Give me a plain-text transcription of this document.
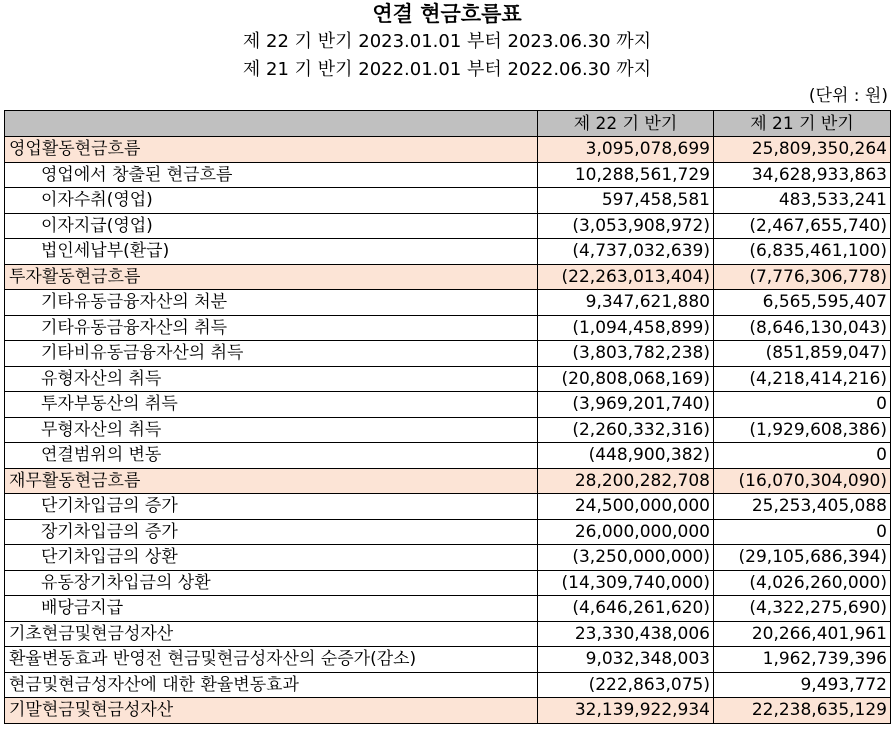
연결 현금흐름표
제 22 기 반기 2023.01.01 부터 2023.06.30 까지
제 21 기 반기 2022.01.01 부터 2022.06.30 까지
(단위 : 원)
	제 22 기 반기	제 21 기 반기
영업활동현금흐름	3,095,078,699	25,809,350,264
영업에서 창출된 현금흐름	10,288,561,729	34,628,933,863
이자수취(영업)	597,458,581	483,533,241
이자지급(영업)	(3,053,908,972)	(2,467,655,740)
법인세납부(환급)	(4,737,032,639)	(6,835,461,100)
투자활동현금흐름	(22,263,013,404)	(7,776,306,778)
기타유동금융자산의 처분	9,347,621,880	6,565,595,407
기타유동금융자산의 취득	(1,094,458,899)	(8,646,130,043)
기타비유동금융자산의 취득	(3,803,782,238)	(851,859,047)
유형자산의 취득	(20,808,068,169)	(4,218,414,216)
투자부동산의 취득	(3,969,201,740)	0
무형자산의 취득	(2,260,332,316)	(1,929,608,386)
연결범위의 변동	(448,900,382)	0
재무활동현금흐름	28,200,282,708	(16,070,304,090)
단기차입금의 증가	24,500,000,000	25,253,405,088
장기차입금의 증가	26,000,000,000	0
단기차입금의 상환	(3,250,000,000)	(29,105,686,394)
유동장기차입금의 상환	(14,309,740,000)	(4,026,260,000)
배당금지급	(4,646,261,620)	(4,322,275,690)
기초현금및현금성자산	23,330,438,006	20,266,401,961
환율변동효과 반영전 현금및현금성자산의 순증가(감소)	9,032,348,003	1,962,739,396
현금및현금성자산에 대한 환율변동효과	(222,863,075)	9,493,772
기말현금및현금성자산	32,139,922,934	22,238,635,129
